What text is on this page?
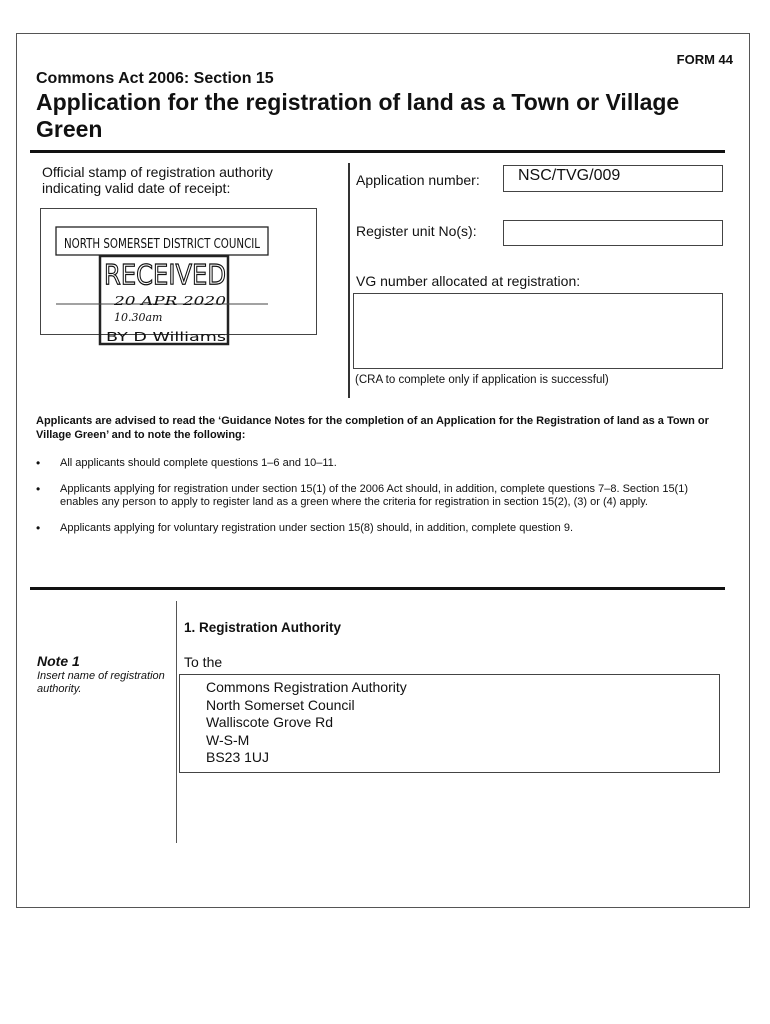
FORM 44
Commons Act 2006: Section 15
Application for the registration of land as a Town or Village Green
Official stamp of registration authority indicating valid date of receipt:
NORTH SOMERSET DISTRICT COUNCIL
RECEIVED
20 APR 2020
10.30am
BY D Williams
Application number:	NSC/TVG/009
Register unit No(s):
VG number allocated at registration:
(CRA to complete only if application is successful)
Applicants are advised to read the ‘Guidance Notes for the completion of an Application for the Registration of land as a Town or Village Green’ and to note the following:
• All applicants should complete questions 1–6 and 10–11.
• Applicants applying for registration under section 15(1) of the 2006 Act should, in addition, complete questions 7–8. Section 15(1) enables any person to apply to register land as a green where the criteria for registration in section 15(2), (3) or (4) apply.
• Applicants applying for voluntary registration under section 15(8) should, in addition, complete question 9.
1. Registration Authority
Note 1
Insert name of registration authority.
To the
Commons Registration Authority
North Somerset Council
Walliscote Grove Rd
W-S-M
BS23 1UJ
